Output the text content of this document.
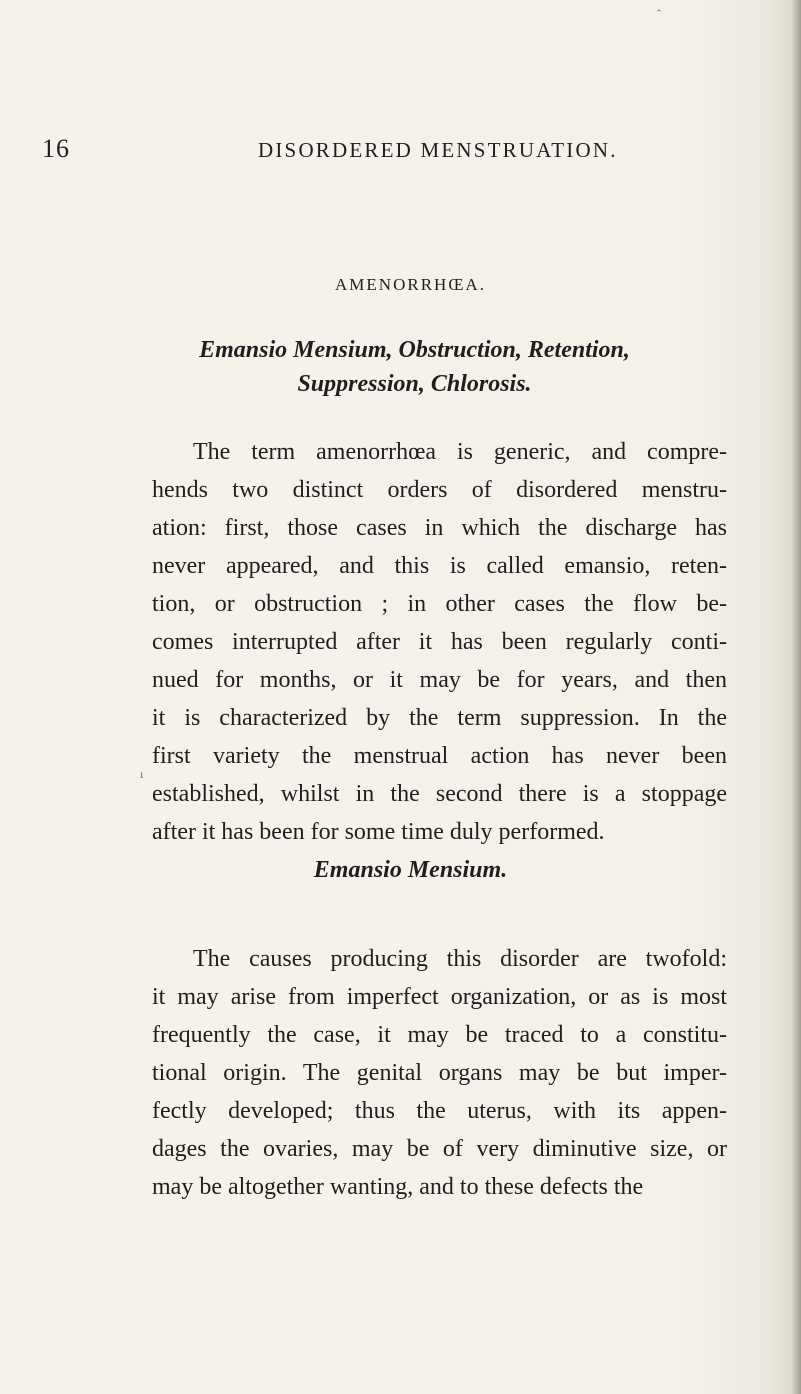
16	DISORDERED MENSTRUATION.
AMENORRHŒA.
Emansio Mensium, Obstruction, Retention,
Suppression, Chlorosis.
The term amenorrhœa is generic, and compre-
hends two distinct orders of disordered menstru-
ation: first, those cases in which the discharge has
never appeared, and this is called emansio, reten-
tion, or obstruction ; in other cases the flow be-
comes interrupted after it has been regularly conti-
nued for months, or it may be for years, and then
it is characterized by the term suppression. In the
first variety the menstrual action has never been
established, whilst in the second there is a stoppage
after it has been for some time duly performed.
Emansio Mensium.
The causes producing this disorder are twofold:
it may arise from imperfect organization, or as is most
frequently the case, it may be traced to a constitu-
tional origin. The genital organs may be but imper-
fectly developed; thus the uterus, with its appen-
dages the ovaries, may be of very diminutive size, or
may be altogether wanting, and to these defects the
ˆ
ı
